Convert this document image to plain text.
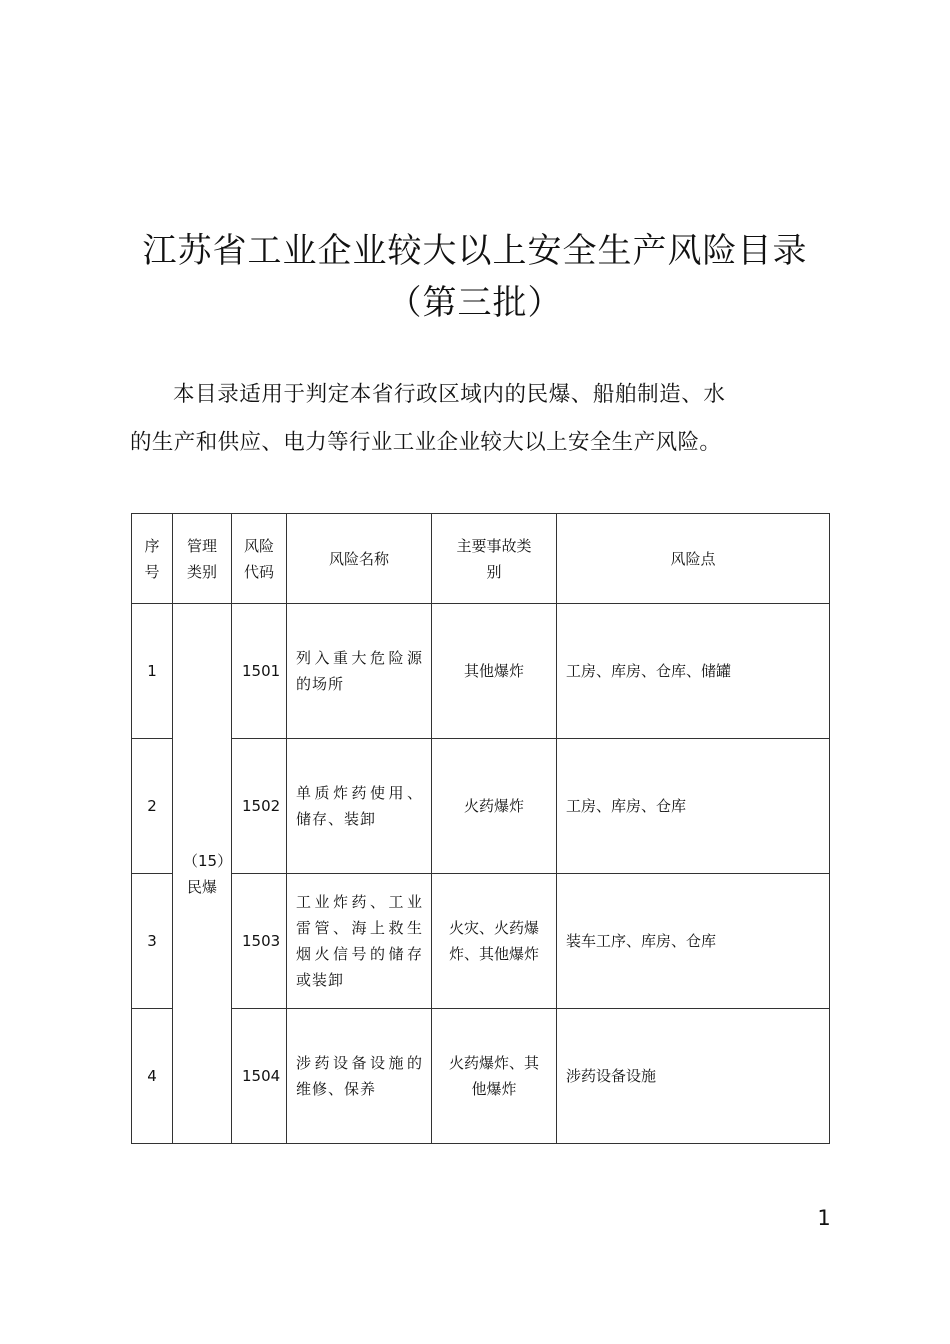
江苏省工业企业较大以上安全生产风险目录
（第三批）
本目录适用于判定本省行政区域内的民爆、船舶制造、水
的生产和供应、电力等行业工业企业较大以上安全生产风险。
序号	管理类别	风险代码	风险名称	主要事故类别	风险点
1	（15）民爆	1501	列入重大危险源的场所	其他爆炸	工房、库房、仓库、储罐
2		1502	单质炸药使用、储存、装卸	火药爆炸	工房、库房、仓库
3		1503	工业炸药、工业雷管、海上救生烟火信号的储存或装卸	火灾、火药爆炸、其他爆炸	装车工序、库房、仓库
4		1504	涉药设备设施的维修、保养	火药爆炸、其他爆炸	涉药设备设施
1
